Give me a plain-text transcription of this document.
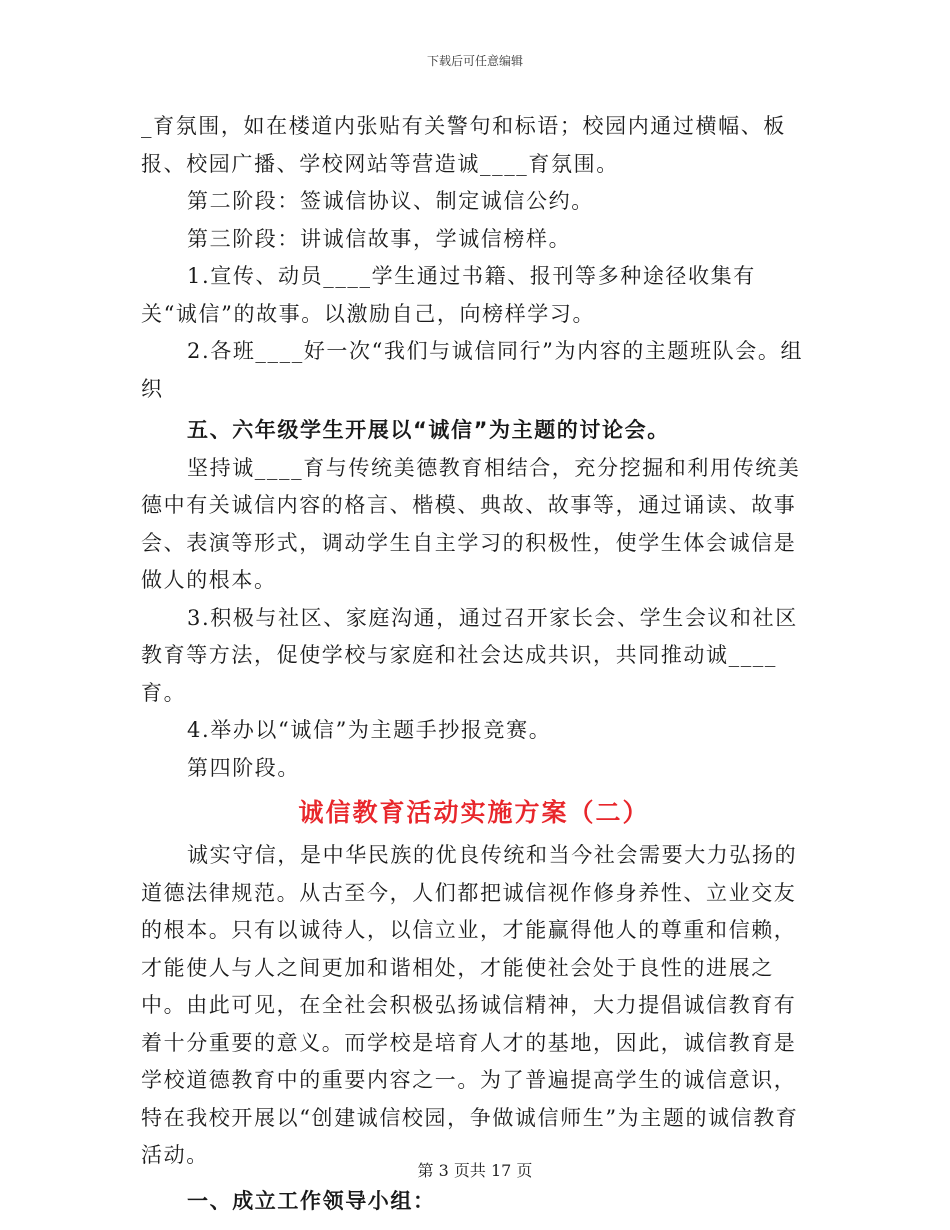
下载后可任意编辑

_育氛围，如在楼道内张贴有关警句和标语；校园内通过横幅、板报、校园广播、学校网站等营造诚____育氛围。

第二阶段：签诚信协议、制定诚信公约。

第三阶段：讲诚信故事，学诚信榜样。

1.宣传、动员____学生通过书籍、报刊等多种途径收集有关“诚信”的故事。以激励自己，向榜样学习。

2.各班____好一次“我们与诚信同行”为内容的主题班队会。组织

五、六年级学生开展以“诚信”为主题的讨论会。

坚持诚____育与传统美德教育相结合，充分挖掘和利用传统美德中有关诚信内容的格言、楷模、典故、故事等，通过诵读、故事会、表演等形式，调动学生自主学习的积极性，使学生体会诚信是做人的根本。

3.积极与社区、家庭沟通，通过召开家长会、学生会议和社区教育等方法，促使学校与家庭和社会达成共识，共同推动诚____育。

4.举办以“诚信”为主题手抄报竞赛。

第四阶段。

诚信教育活动实施方案（二）

诚实守信，是中华民族的优良传统和当今社会需要大力弘扬的道德法律规范。从古至今，人们都把诚信视作修身养性、立业交友的根本。只有以诚待人，以信立业，才能赢得他人的尊重和信赖，才能使人与人之间更加和谐相处，才能使社会处于良性的进展之中。由此可见，在全社会积极弘扬诚信精神，大力提倡诚信教育有着十分重要的意义。而学校是培育人才的基地，因此，诚信教育是学校道德教育中的重要内容之一。为了普遍提高学生的诚信意识，特在我校开展以“创建诚信校园，争做诚信师生”为主题的诚信教育活动。

一、成立工作领导小组：

第 3 页共 17 页
